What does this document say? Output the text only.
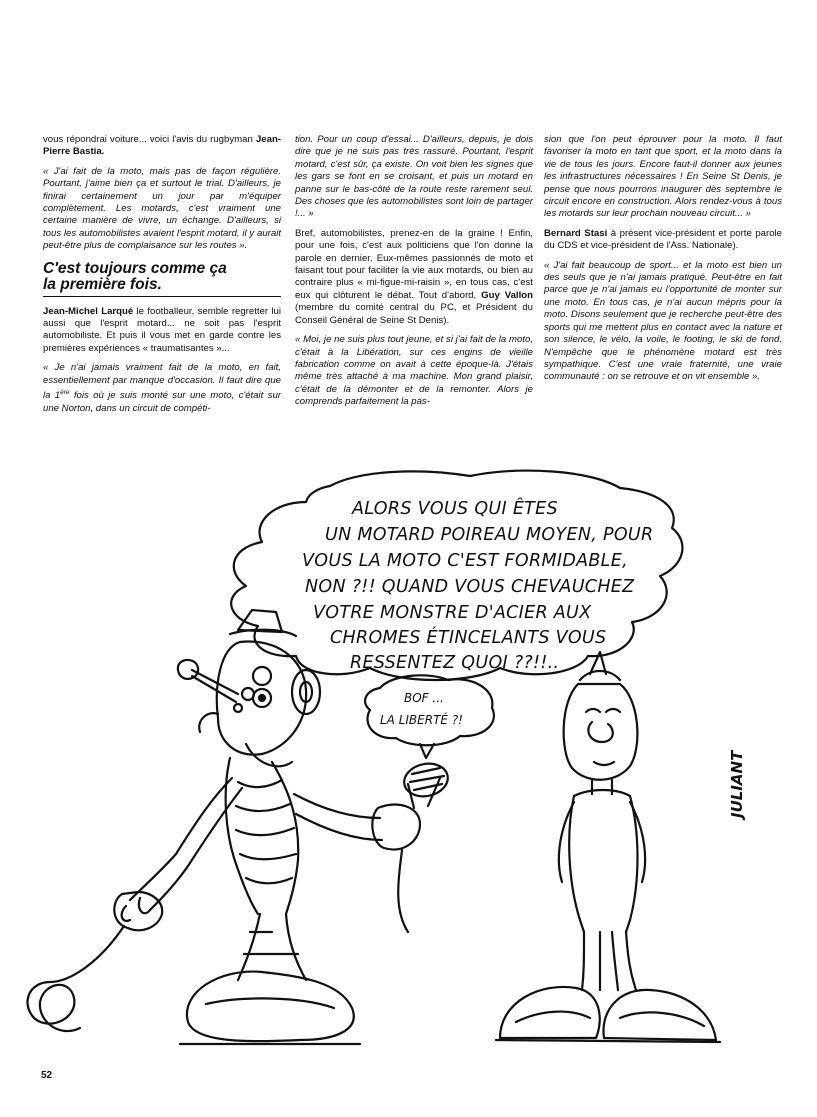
vous répondrai voiture... voici l'avis du rugbyman Jean-Pierre Bastia.

« J'ai fait de la moto, mais pas de façon régulière. Pourtant, j'aime bien ça et surtout le trial. D'ailleurs, je finirai certainement un jour par m'équiper complètement. Les motards, c'est vraiment une certaine manière de vivre, un échange. D'ailleurs, si tous les automobilistes avaient l'esprit motard, il y aurait peut-être plus de complaisance sur les routes ».

C'est toujours comme ça
la première fois.

Jean-Michel Larqué le footballeur, semble regretter lui aussi que l'esprit motard... ne soit pas l'esprit automobiliste. Et puis il vous met en garde contre les premières expériences « traumatisantes »...

« Je n'ai jamais vraiment fait de la moto, en fait, essentiellement par manque d'occasion. Il faut dire que la 1ère fois où je suis monté sur une moto, c'était sur une Norton, dans un circuit de compéti-

tion. Pour un coup d'essai... D'ailleurs, depuis, je dois dire que je ne suis pas très rassuré. Pourtant, l'esprit motard, c'est sûr, ça existe. On voit bien les signes que les gars se font en se croisant, et puis un motard en panne sur le bas-côté de la route reste rarement seul. Des choses que les automobilistes sont loin de partager !... »

Bref, automobilistes, prenez-en de la graine ! Enfin, pour une fois, c'est aux politiciens que l'on donne la parole en dernier. Eux-mêmes passionnés de moto et faisant tout pour faciliter la vie aux motards, ou bien au contraire plus « mi-figue-mi-raisin », en tous cas, c'est eux qui clôturent le débat. Tout d'abord, Guy Vallon (membre du comité central du PC, et Président du Conseil Général de Seine St Denis).

« Moi, je ne suis plus tout jeune, et si j'ai fait de la moto, c'était à la Libération, sur ces engins de vieille fabrication comme on avait à cette époque-là. J'étais même très attaché à ma machine. Mon grand plaisir, c'était de la démonter et de la remonter. Alors je comprends parfaitement la pas-

sion que l'on peut éprouver pour la moto. Il faut favoriser la moto en tant que sport, et la moto dans la vie de tous les jours. Encore faut-il donner aux jeunes les infrastructures nécessaires ! En Seine St Denis, je pense que nous pourrons inaugurer dès septembre le circuit encore en construction. Alors rendez-vous à tous les motards sur leur prochain nouveau circuit... »

Bernard Stasi à présent vice-président et porte parole du CDS et vice-président de l'Ass. Nationale).

« J'ai fait beaucoup de sport... et la moto est bien un des seuls que je n'ai jamais pratiqué. Peut-être en fait parce que je n'ai jamais eu l'opportunité de monter sur une moto. En tous cas, je n'ai aucun mépris pour la moto. Disons seulement que je recherche peut-être des sports qui me mettent plus en contact avec la nature et son silence, le vélo, la voile, le footing, le ski de fond. N'empêche que le phénomène motard est très sympathique. C'est une vraie fraternité, une vraie communauté : on se retrouve et on vit ensemble ».

ALORS VOUS QUI ÊTES
UN MOTARD POIREAU MOYEN, POUR
VOUS LA MOTO C'EST FORMIDABLE,
NON ?!! QUAND VOUS CHEVAUCHEZ
VOTRE MONSTRE D'ACIER AUX
CHROMES ÉTINCELANTS VOUS
RESSENTEZ QUOI ??!!..
BOF ...
LA LIBERTÉ ?!
JULIANT
52
